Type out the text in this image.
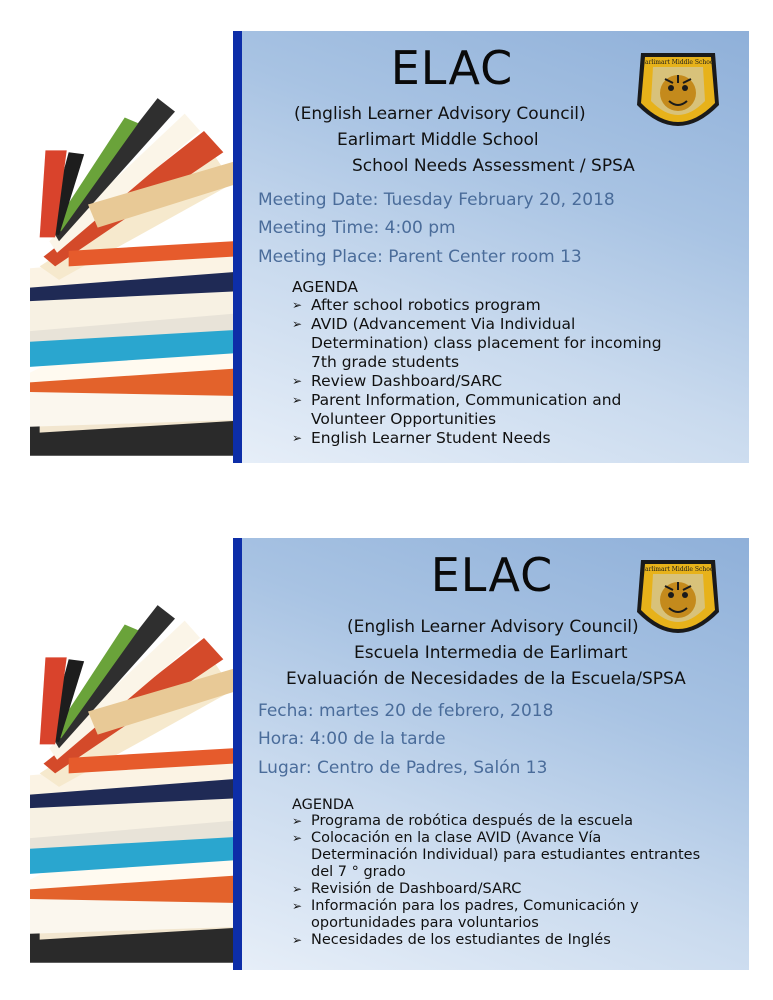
ELAC	Earlimart Middle School
(English Learner Advisory Council)
Earlimart Middle School
School Needs Assessment / SPSA
Meeting Date: Tuesday February 20, 2018
Meeting Time: 4:00 pm
Meeting Place: Parent Center room 13
AGENDA
➢ After school robotics program
➢ AVID (Advancement Via Individual Determination) class placement for incoming 7th grade students
➢ Review Dashboard/SARC
➢ Parent Information, Communication and Volunteer Opportunities
➢ English Learner Student Needs
ELAC	Earlimart Middle School
(English Learner Advisory Council)
Escuela Intermedia de Earlimart
Evaluación de Necesidades de la Escuela/SPSA
Fecha: martes 20 de febrero, 2018
Hora: 4:00 de la tarde
Lugar: Centro de Padres, Salón 13
AGENDA
➢ Programa de robótica después de la escuela
➢ Colocación en la clase AVID (Avance Vía Determinación Individual) para estudiantes entrantes del 7 ° grado
➢ Revisión de Dashboard/SARC
➢ Información para los padres, Comunicación y oportunidades para voluntarios
➢ Necesidades de los estudiantes de Inglés
